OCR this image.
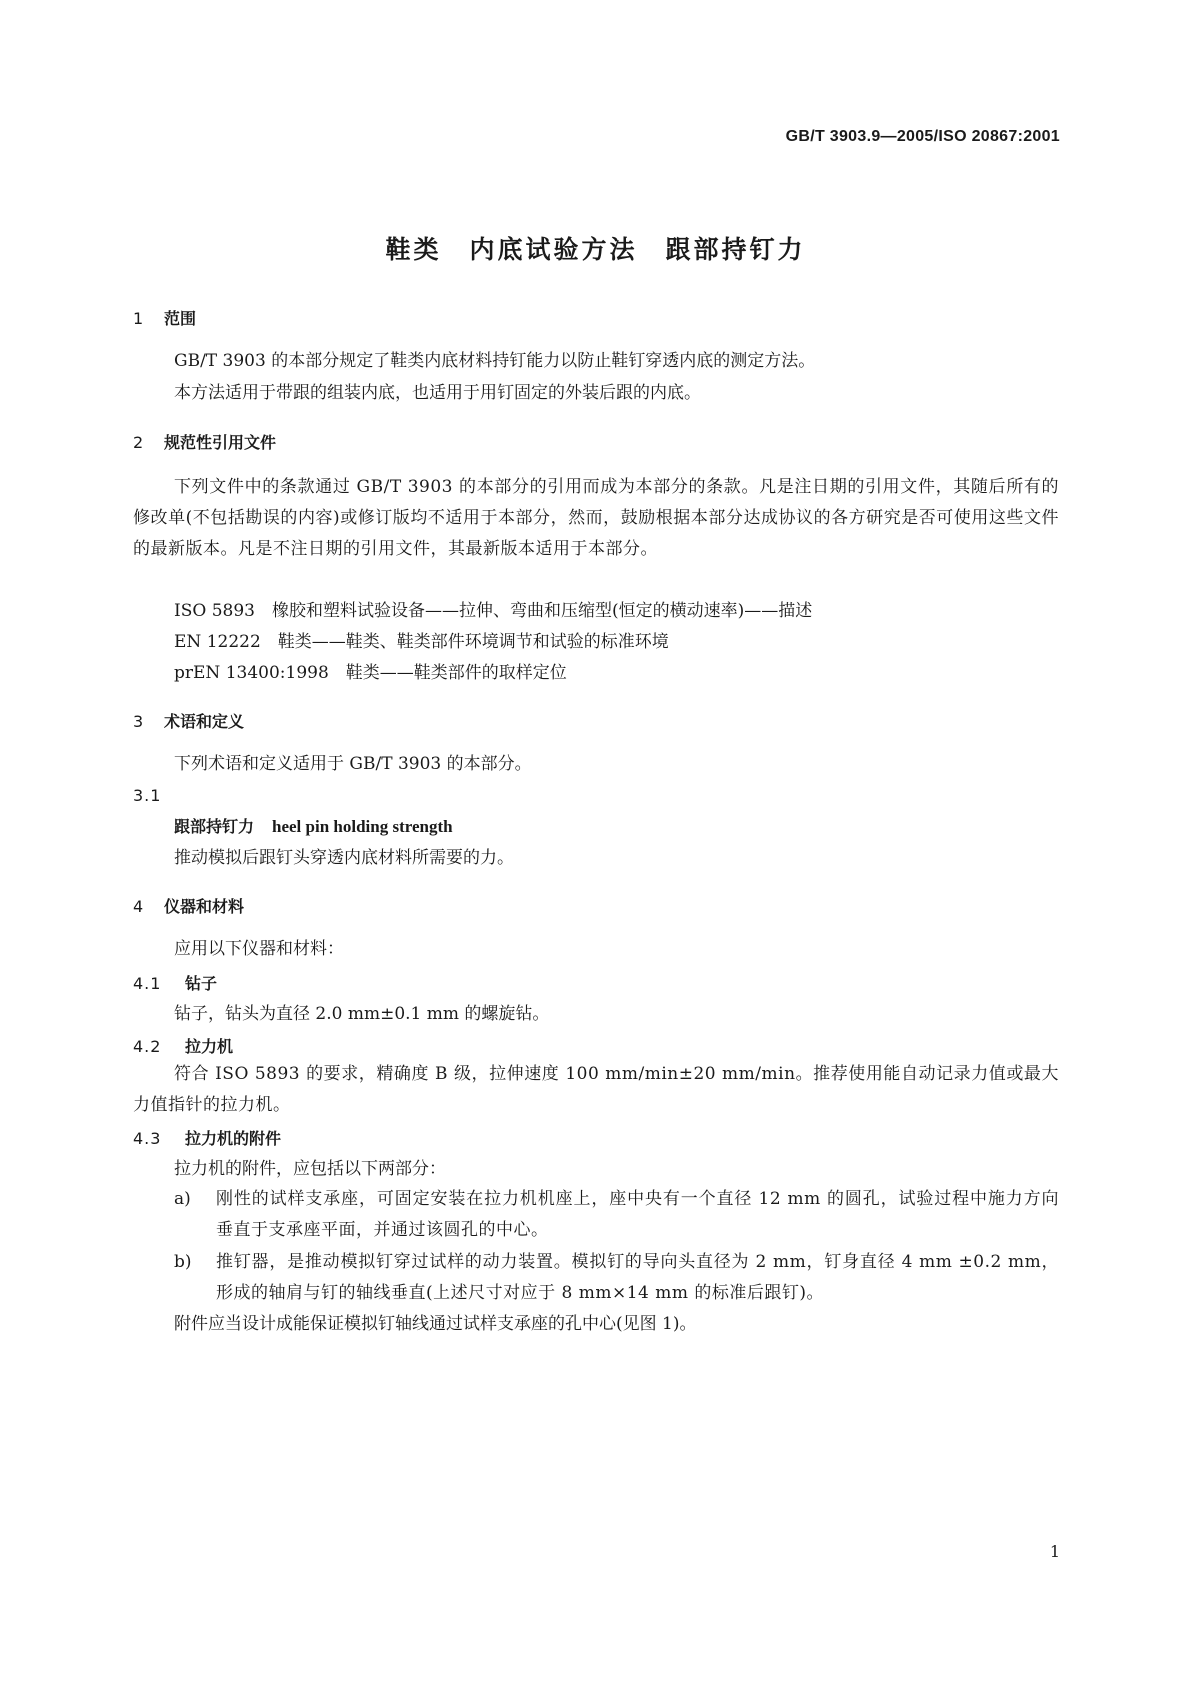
GB/T 3903.9—2005/ISO 20867:2001
鞋类　内底试验方法　跟部持钉力
1 范围
GB/T 3903 的本部分规定了鞋类内底材料持钉能力以防止鞋钉穿透内底的测定方法。
本方法适用于带跟的组装内底，也适用于用钉固定的外装后跟的内底。
2 规范性引用文件
下列文件中的条款通过 GB/T 3903 的本部分的引用而成为本部分的条款。凡是注日期的引用文件，其随后所有的修改单(不包括勘误的内容)或修订版均不适用于本部分，然而，鼓励根据本部分达成协议的各方研究是否可使用这些文件的最新版本。凡是不注日期的引用文件，其最新版本适用于本部分。
ISO 5893　橡胶和塑料试验设备——拉伸、弯曲和压缩型(恒定的横动速率)——描述
EN 12222　鞋类——鞋类、鞋类部件环境调节和试验的标准环境
prEN 13400:1998　鞋类——鞋类部件的取样定位
3 术语和定义
下列术语和定义适用于 GB/T 3903 的本部分。
3.1
跟部持钉力 heel pin holding strength
推动模拟后跟钉头穿透内底材料所需要的力。
4 仪器和材料
应用以下仪器和材料：
4.1 钻子
钻子，钻头为直径 2.0 mm±0.1 mm 的螺旋钻。
4.2 拉力机
符合 ISO 5893 的要求，精确度 B 级，拉伸速度 100 mm/min±20 mm/min。推荐使用能自动记录力值或最大力值指针的拉力机。
4.3 拉力机的附件
拉力机的附件，应包括以下两部分：
a) 刚性的试样支承座，可固定安装在拉力机机座上，座中央有一个直径 12 mm 的圆孔，试验过程中施力方向垂直于支承座平面，并通过该圆孔的中心。
b) 推钉器，是推动模拟钉穿过试样的动力装置。模拟钉的导向头直径为 2 mm，钉身直径 4 mm ±0.2 mm，形成的轴肩与钉的轴线垂直(上述尺寸对应于 8 mm×14 mm 的标准后跟钉)。
附件应当设计成能保证模拟钉轴线通过试样支承座的孔中心(见图 1)。
1
